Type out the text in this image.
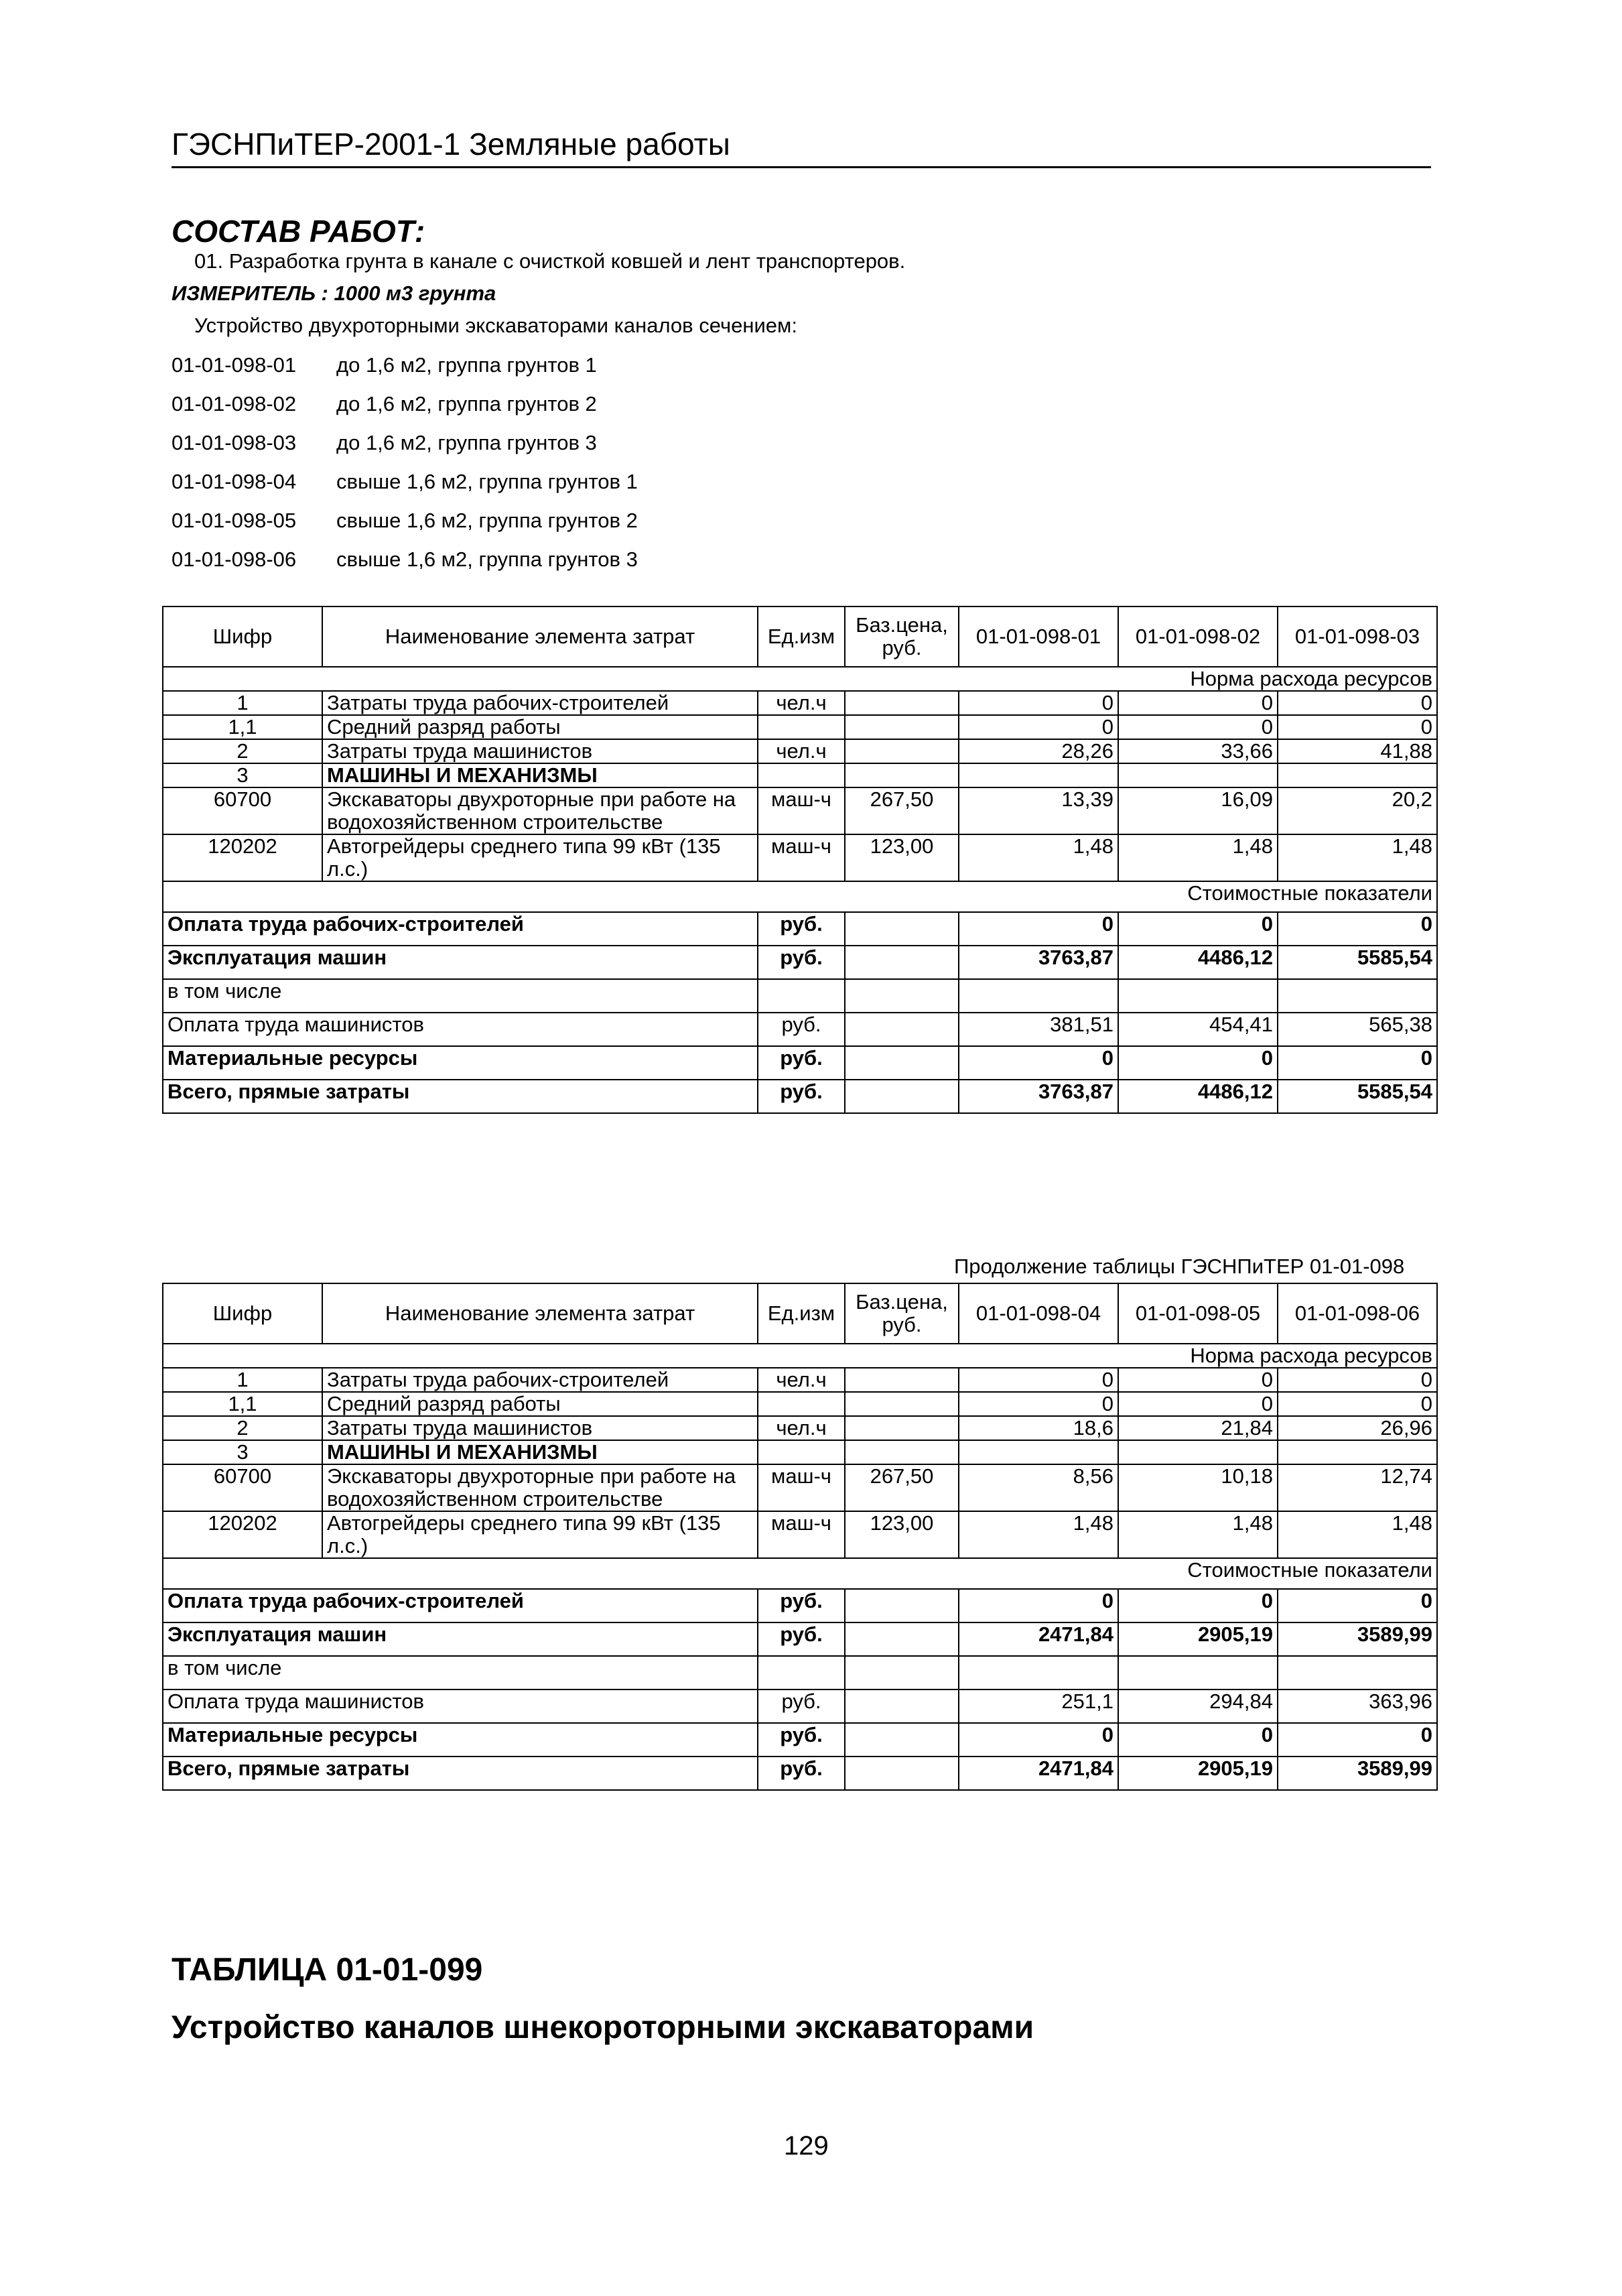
ГЭСНПиТЕР-2001-1 Земляные работы
СОСТАВ РАБОТ:
01. Разработка грунта в канале с очисткой ковшей и лент транспортеров.
ИЗМЕРИТЕЛЬ : 1000 м3 грунта
Устройство двухроторными экскаваторами каналов сечением:
01-01-098-01 до 1,6 м2, группа грунтов 1
01-01-098-02 до 1,6 м2, группа грунтов 2
01-01-098-03 до 1,6 м2, группа грунтов 3
01-01-098-04 свыше 1,6 м2, группа грунтов 1
01-01-098-05 свыше 1,6 м2, группа грунтов 2
01-01-098-06 свыше 1,6 м2, группа грунтов 3
Шифр	Наименование элемента затрат	Ед.изм	Баз.цена, руб.	01-01-098-01	01-01-098-02	01-01-098-03
Норма расхода ресурсов						
1	Затраты труда рабочих-строителей	чел.ч		0	0	0
1,1	Средний разряд работы			0	0	0
2	Затраты труда машинистов	чел.ч		28,26	33,66	41,88
3	МАШИНЫ И МЕХАНИЗМЫ					
60700	Экскаваторы двухроторные при работе на водохозяйственном строительстве	маш-ч	267,50	13,39	16,09	20,2
120202	Автогрейдеры среднего типа 99 кВт (135 л.с.)	маш-ч	123,00	1,48	1,48	1,48
Стоимостные показатели						
Оплата труда рабочих-строителей		руб.		0	0	0
Эксплуатация машин		руб.		3763,87	4486,12	5585,54
в том числе						
Оплата труда машинистов		руб.		381,51	454,41	565,38
Материальные ресурсы		руб.		0	0	0
Всего, прямые затраты		руб.		3763,87	4486,12	5585,54
Продолжение таблицы ГЭСНПиТЕР 01-01-098
Шифр	Наименование элемента затрат	Ед.изм	Баз.цена, руб.	01-01-098-04	01-01-098-05	01-01-098-06
Норма расхода ресурсов						
1	Затраты труда рабочих-строителей	чел.ч		0	0	0
1,1	Средний разряд работы			0	0	0
2	Затраты труда машинистов	чел.ч		18,6	21,84	26,96
3	МАШИНЫ И МЕХАНИЗМЫ					
60700	Экскаваторы двухроторные при работе на водохозяйственном строительстве	маш-ч	267,50	8,56	10,18	12,74
120202	Автогрейдеры среднего типа 99 кВт (135 л.с.)	маш-ч	123,00	1,48	1,48	1,48
Стоимостные показатели						
Оплата труда рабочих-строителей		руб.		0	0	0
Эксплуатация машин		руб.		2471,84	2905,19	3589,99
в том числе						
Оплата труда машинистов		руб.		251,1	294,84	363,96
Материальные ресурсы		руб.		0	0	0
Всего, прямые затраты		руб.		2471,84	2905,19	3589,99
ТАБЛИЦА 01-01-099
Устройство каналов шнекороторными экскаваторами
129
